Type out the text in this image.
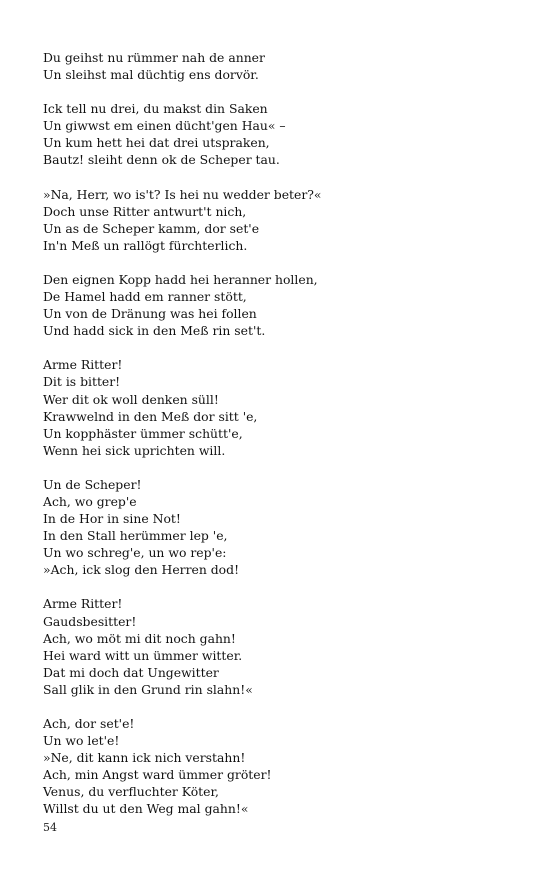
Du geihst nu rümmer nah de anner
Un sleihst mal düchtig ens dorvör.
Ick tell nu drei, du makst din Saken
Un giwwst em einen dücht'gen Hau« –
Un kum hett hei dat drei utspraken,
Bautz! sleiht denn ok de Scheper tau.
»Na, Herr, wo is't? Is hei nu wedder beter?«
Doch unse Ritter antwurt't nich,
Un as de Scheper kamm, dor set'e
In'n Meß un rallögt fürchterlich.
Den eignen Kopp hadd hei heranner hollen,
De Hamel hadd em ranner stött,
Un von de Dränung was hei follen
Und hadd sick in den Meß rin set't.
Arme Ritter!
Dit is bitter!
Wer dit ok woll denken süll!
Krawwelnd in den Meß dor sitt 'e,
Un kopphäster ümmer schütt'e,
Wenn hei sick uprichten will.
Un de Scheper!
Ach, wo grep'e
In de Hor in sine Not!
In den Stall herümmer lep 'e,
Un wo schreg'e, un wo rep'e:
»Ach, ick slog den Herren dod!
Arme Ritter!
Gaudsbesitter!
Ach, wo möt mi dit noch gahn!
Hei ward witt un ümmer witter.
Dat mi doch dat Ungewitter
Sall glik in den Grund rin slahn!«
Ach, dor set'e!
Un wo let'e!
»Ne, dit kann ick nich verstahn!
Ach, min Angst ward ümmer gröter!
Venus, du verfluchter Köter,
Willst du ut den Weg mal gahn!«
54
